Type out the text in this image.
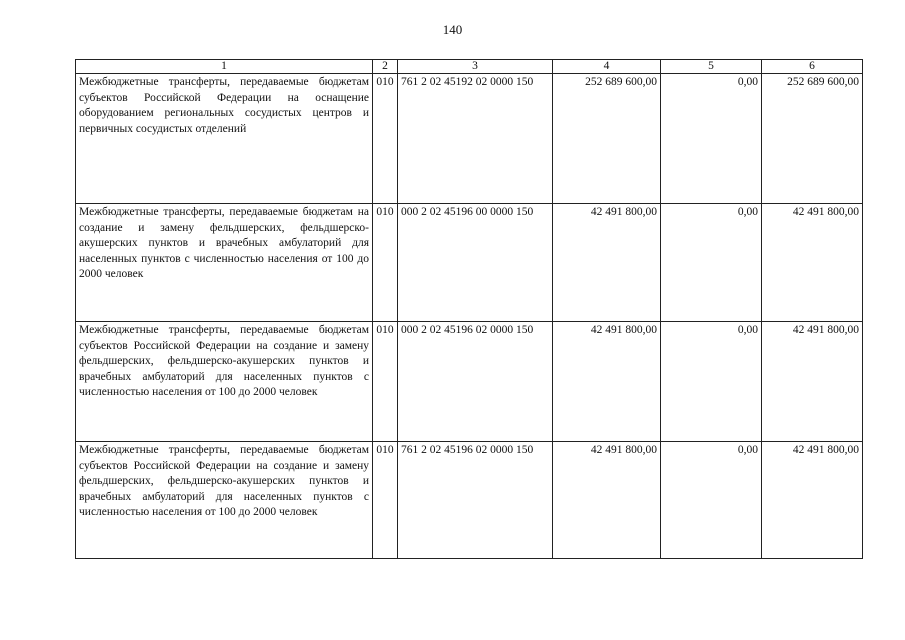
140
1	2	3	4	5	6
Межбюджетные трансферты, передаваемые бюджетам субъектов Российской Федерации на оснащение оборудованием региональных сосудистых центров и первичных сосудистых отделений	010	761 2 02 45192 02 0000 150	252 689 600,00	0,00	252 689 600,00
Межбюджетные трансферты, передаваемые бюджетам на создание и замену фельдшерских, фельдшерско-акушерских пунктов и врачебных амбулаторий для населенных пунктов с численностью населения от 100 до 2000 человек	010	000 2 02 45196 00 0000 150	42 491 800,00	0,00	42 491 800,00
Межбюджетные трансферты, передаваемые бюджетам субъектов Российской Федерации на создание и замену фельдшерских, фельдшерско-акушерских пунктов и врачебных амбулаторий для населенных пунктов с численностью населения от 100 до 2000 человек	010	000 2 02 45196 02 0000 150	42 491 800,00	0,00	42 491 800,00
Межбюджетные трансферты, передаваемые бюджетам субъектов Российской Федерации на создание и замену фельдшерских, фельдшерско-акушерских пунктов и врачебных амбулаторий для населенных пунктов с численностью населения от 100 до 2000 человек	010	761 2 02 45196 02 0000 150	42 491 800,00	0,00	42 491 800,00
